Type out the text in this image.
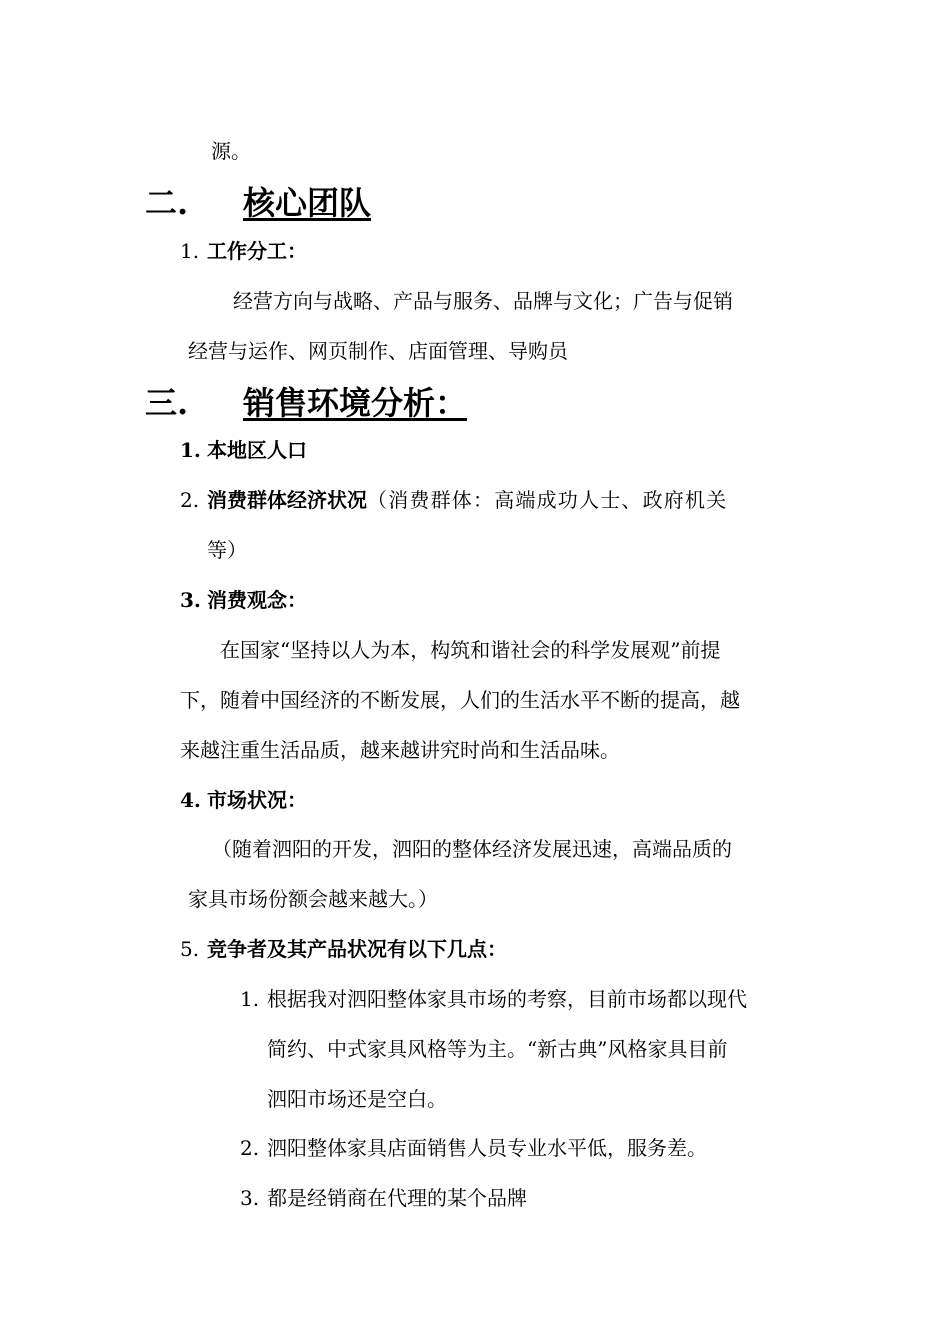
源。
二. 核心团队
1. 工作分工：
经营方向与战略、产品与服务、品牌与文化；广告与促销
经营与运作、网页制作、店面管理、导购员
三. 销售环境分析：
1. 本地区人口
2. 消费群体经济状况（消费群体：高端成功人士、政府机关
等）
3. 消费观念：
在国家“坚持以人为本，构筑和谐社会的科学发展观”前提
下，随着中国经济的不断发展，人们的生活水平不断的提高，越
来越注重生活品质，越来越讲究时尚和生活品味。
4. 市场状况：
（随着泗阳的开发，泗阳的整体经济发展迅速，高端品质的
家具市场份额会越来越大。）
5. 竞争者及其产品状况有以下几点：
1. 根据我对泗阳整体家具市场的考察，目前市场都以现代
简约、中式家具风格等为主。“新古典”风格家具目前
泗阳市场还是空白。
2. 泗阳整体家具店面销售人员专业水平低，服务差。
3. 都是经销商在代理的某个品牌
